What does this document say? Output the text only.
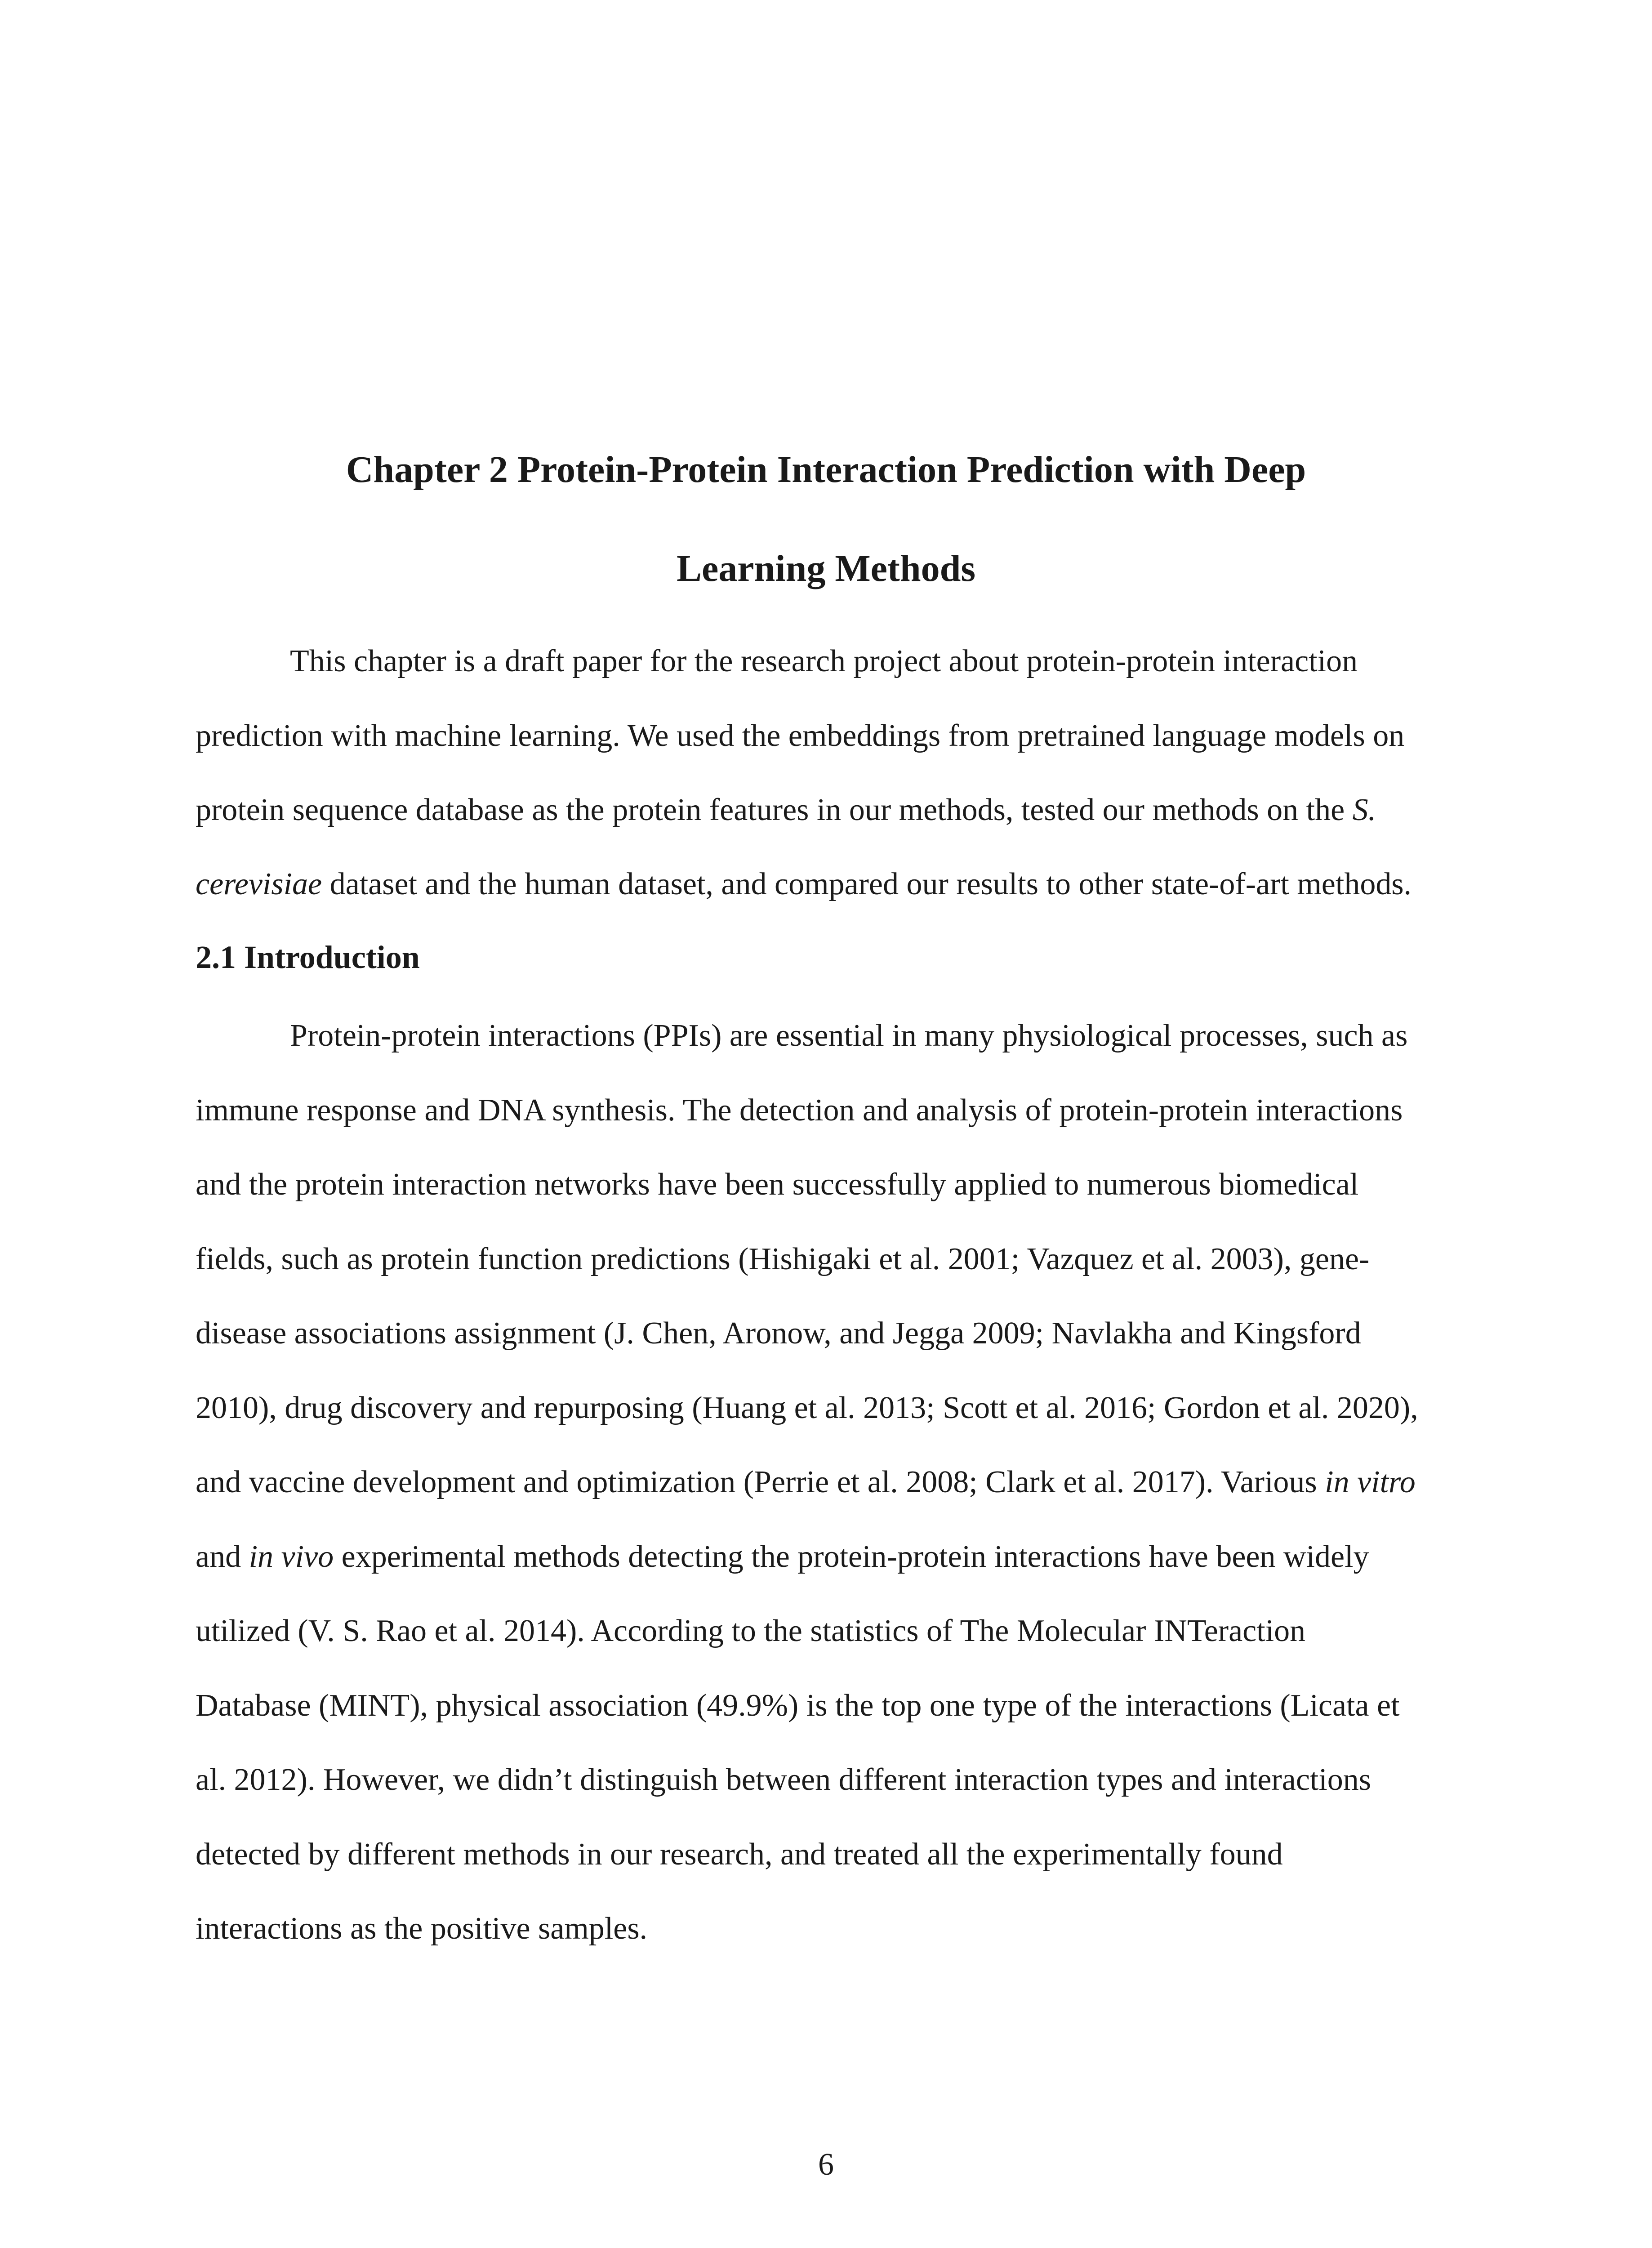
Chapter 2 Protein-Protein Interaction Prediction with Deep
Learning Methods
This chapter is a draft paper for the research project about protein-protein interaction
prediction with machine learning. We used the embeddings from pretrained language models on
protein sequence database as the protein features in our methods, tested our methods on the S.
cerevisiae dataset and the human dataset, and compared our results to other state-of-art methods.
2.1 Introduction
Protein-protein interactions (PPIs) are essential in many physiological processes, such as
immune response and DNA synthesis. The detection and analysis of protein-protein interactions
and the protein interaction networks have been successfully applied to numerous biomedical
fields, such as protein function predictions (Hishigaki et al. 2001; Vazquez et al. 2003), gene-
disease associations assignment (J. Chen, Aronow, and Jegga 2009; Navlakha and Kingsford
2010), drug discovery and repurposing (Huang et al. 2013; Scott et al. 2016; Gordon et al. 2020),
and vaccine development and optimization (Perrie et al. 2008; Clark et al. 2017). Various in vitro
and in vivo experimental methods detecting the protein-protein interactions have been widely
utilized (V. S. Rao et al. 2014). According to the statistics of The Molecular INTeraction
Database (MINT), physical association (49.9%) is the top one type of the interactions (Licata et
al. 2012). However, we didn’t distinguish between different interaction types and interactions
detected by different methods in our research, and treated all the experimentally found
interactions as the positive samples.
6
